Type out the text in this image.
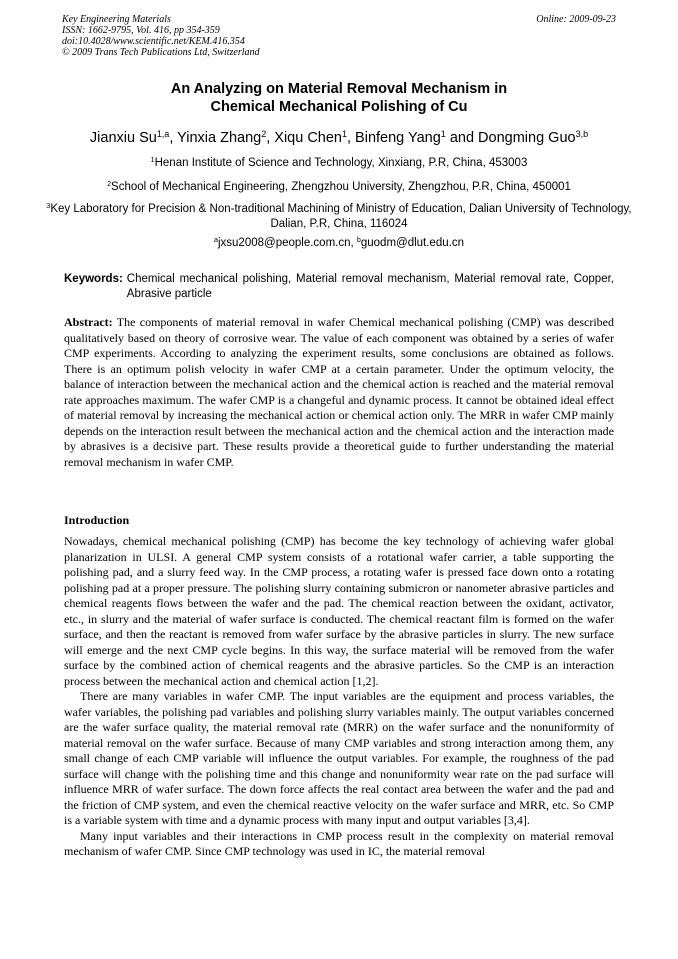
Key Engineering Materials
ISSN: 1662-9795, Vol. 416, pp 354-359
doi:10.4028/www.scientific.net/KEM.416.354
© 2009 Trans Tech Publications Ltd, Switzerland
Online: 2009-09-23
An Analyzing on Material Removal Mechanism in
Chemical Mechanical Polishing of Cu
Jianxiu Su$^{1,a}$, Yinxia Zhang$^2$, Xiqu Chen$^1$, Binfeng Yang$^1$ and Dongming Guo$^{3,b}$
$^1$Henan Institute of Science and Technology, Xinxiang, P.R, China, 453003
$^2$School of Mechanical Engineering, Zhengzhou University, Zhengzhou, P.R, China, 450001
$^3$Key Laboratory for Precision & Non-traditional Machining of Ministry of Education, Dalian University of Technology, Dalian, P.R, China, 116024
$^a$jxsu2008@people.com.cn, $^b$guodm@dlut.edu.cn
Keywords: Chemical mechanical polishing, Material removal mechanism, Material removal rate, Copper, Abrasive particle
Abstract: The components of material removal in wafer Chemical mechanical polishing (CMP) was described qualitatively based on theory of corrosive wear. The value of each component was obtained by a series of wafer CMP experiments. According to analyzing the experiment results, some conclusions are obtained as follows. There is an optimum polish velocity in wafer CMP at a certain parameter. Under the optimum velocity, the balance of interaction between the mechanical action and the chemical action is reached and the material removal rate approaches maximum. The wafer CMP is a changeful and dynamic process. It cannot be obtained ideal effect of material removal by increasing the mechanical action or chemical action only. The MRR in wafer CMP mainly depends on the interaction result between the mechanical action and the chemical action and the interaction made by abrasives is a decisive part. These results provide a theoretical guide to further understanding the material removal mechanism in wafer CMP.
Introduction

Nowadays, chemical mechanical polishing (CMP) has become the key technology of achieving wafer global planarization in ULSI. A general CMP system consists of a rotational wafer carrier, a table supporting the polishing pad, and a slurry feed way. In the CMP process, a rotating wafer is pressed face down onto a rotating polishing pad at a proper pressure. The polishing slurry containing submicron or nanometer abrasive particles and chemical reagents flows between the wafer and the pad. The chemical reaction between the oxidant, activator, etc., in slurry and the material of wafer surface is conducted. The chemical reactant film is formed on the wafer surface, and then the reactant is removed from wafer surface by the abrasive particles in slurry. The new surface will emerge and the next CMP cycle begins. In this way, the surface material will be removed from the wafer surface by the combined action of chemical reagents and the abrasive particles. So the CMP is an interaction process between the mechanical action and chemical action [1,2].

There are many variables in wafer CMP. The input variables are the equipment and process variables, the wafer variables, the polishing pad variables and polishing slurry variables mainly. The output variables concerned are the wafer surface quality, the material removal rate (MRR) on the wafer surface and the nonuniformity of material removal on the wafer surface. Because of many CMP variables and strong interaction among them, any small change of each CMP variable will influence the output variables. For example, the roughness of the pad surface will change with the polishing time and this change and nonuniformity wear rate on the pad surface will influence MRR of wafer surface. The down force affects the real contact area between the wafer and the pad and the friction of CMP system, and even the chemical reactive velocity on the wafer surface and MRR, etc. So CMP is a variable system with time and a dynamic process with many input and output variables [3,4].

Many input variables and their interactions in CMP process result in the complexity on material removal mechanism of wafer CMP. Since CMP technology was used in IC, the material removal
